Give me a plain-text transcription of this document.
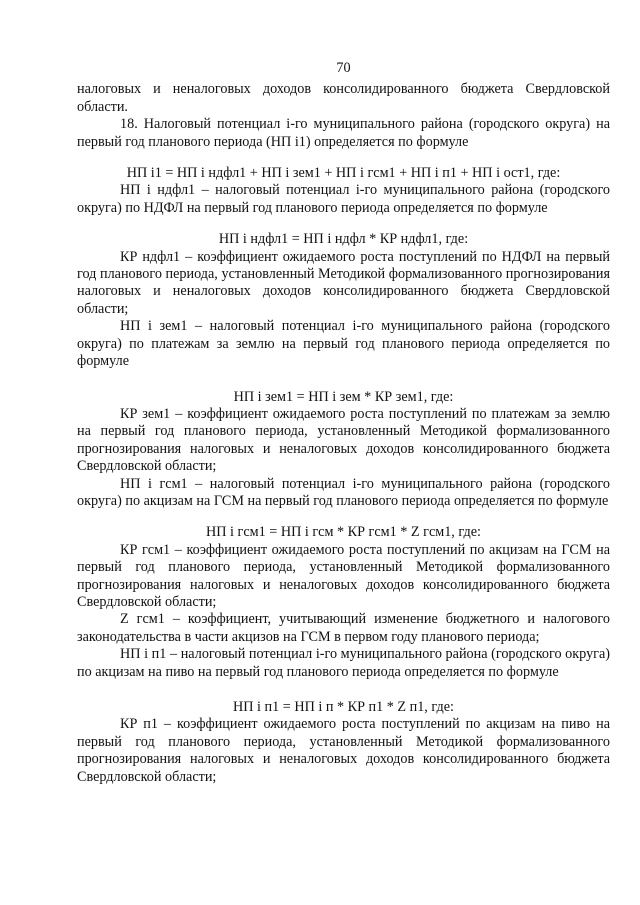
70

налоговых и неналоговых доходов консолидированного бюджета Свердловской области.

18. Налоговый потенциал i-го муниципального района (городского округа) на первый год планового периода (НП i1) определяется по формуле

НП i1 = НП i ндфл1 + НП i зем1 + НП i гсм1 + НП i п1 + НП i ост1, где:

НП i ндфл1 – налоговый потенциал i-го муниципального района (городского округа) по НДФЛ на первый год планового периода определяется по формуле

НП i ндфл1 = НП i ндфл * КР ндфл1, где:

КР ндфл1 – коэффициент ожидаемого роста поступлений по НДФЛ на первый год планового периода, установленный Методикой формализованного прогнозирования налоговых и неналоговых доходов консолидированного бюджета Свердловской области;

НП i зем1 – налоговый потенциал i-го муниципального района (городского округа) по платежам за землю на первый год планового периода определяется по формуле

НП i зем1 = НП i зем * КР зем1, где:

КР зем1 – коэффициент ожидаемого роста поступлений по платежам за землю на первый год планового периода, установленный Методикой формализованного прогнозирования налоговых и неналоговых доходов консолидированного бюджета Свердловской области;

НП i гсм1 – налоговый потенциал i-го муниципального района (городского округа) по акцизам на ГСМ на первый год планового периода определяется по формуле

НП i гсм1 = НП i гсм * КР гсм1 * Z гсм1, где:

КР гсм1 – коэффициент ожидаемого роста поступлений по акцизам на ГСМ на первый год планового периода, установленный Методикой формализованного прогнозирования налоговых и неналоговых доходов консолидированного бюджета Свердловской области;

Z гсм1 – коэффициент, учитывающий изменение бюджетного и налогового законодательства в части акцизов на ГСМ в первом году планового периода;

НП i п1 – налоговый потенциал i-го муниципального района (городского округа) по акцизам на пиво на первый год планового периода определяется по формуле

НП i п1 = НП i п * КР п1 * Z п1, где:

КР п1 – коэффициент ожидаемого роста поступлений по акцизам на пиво на первый год планового периода, установленный Методикой формализованного прогнозирования налоговых и неналоговых доходов консолидированного бюджета Свердловской области;
